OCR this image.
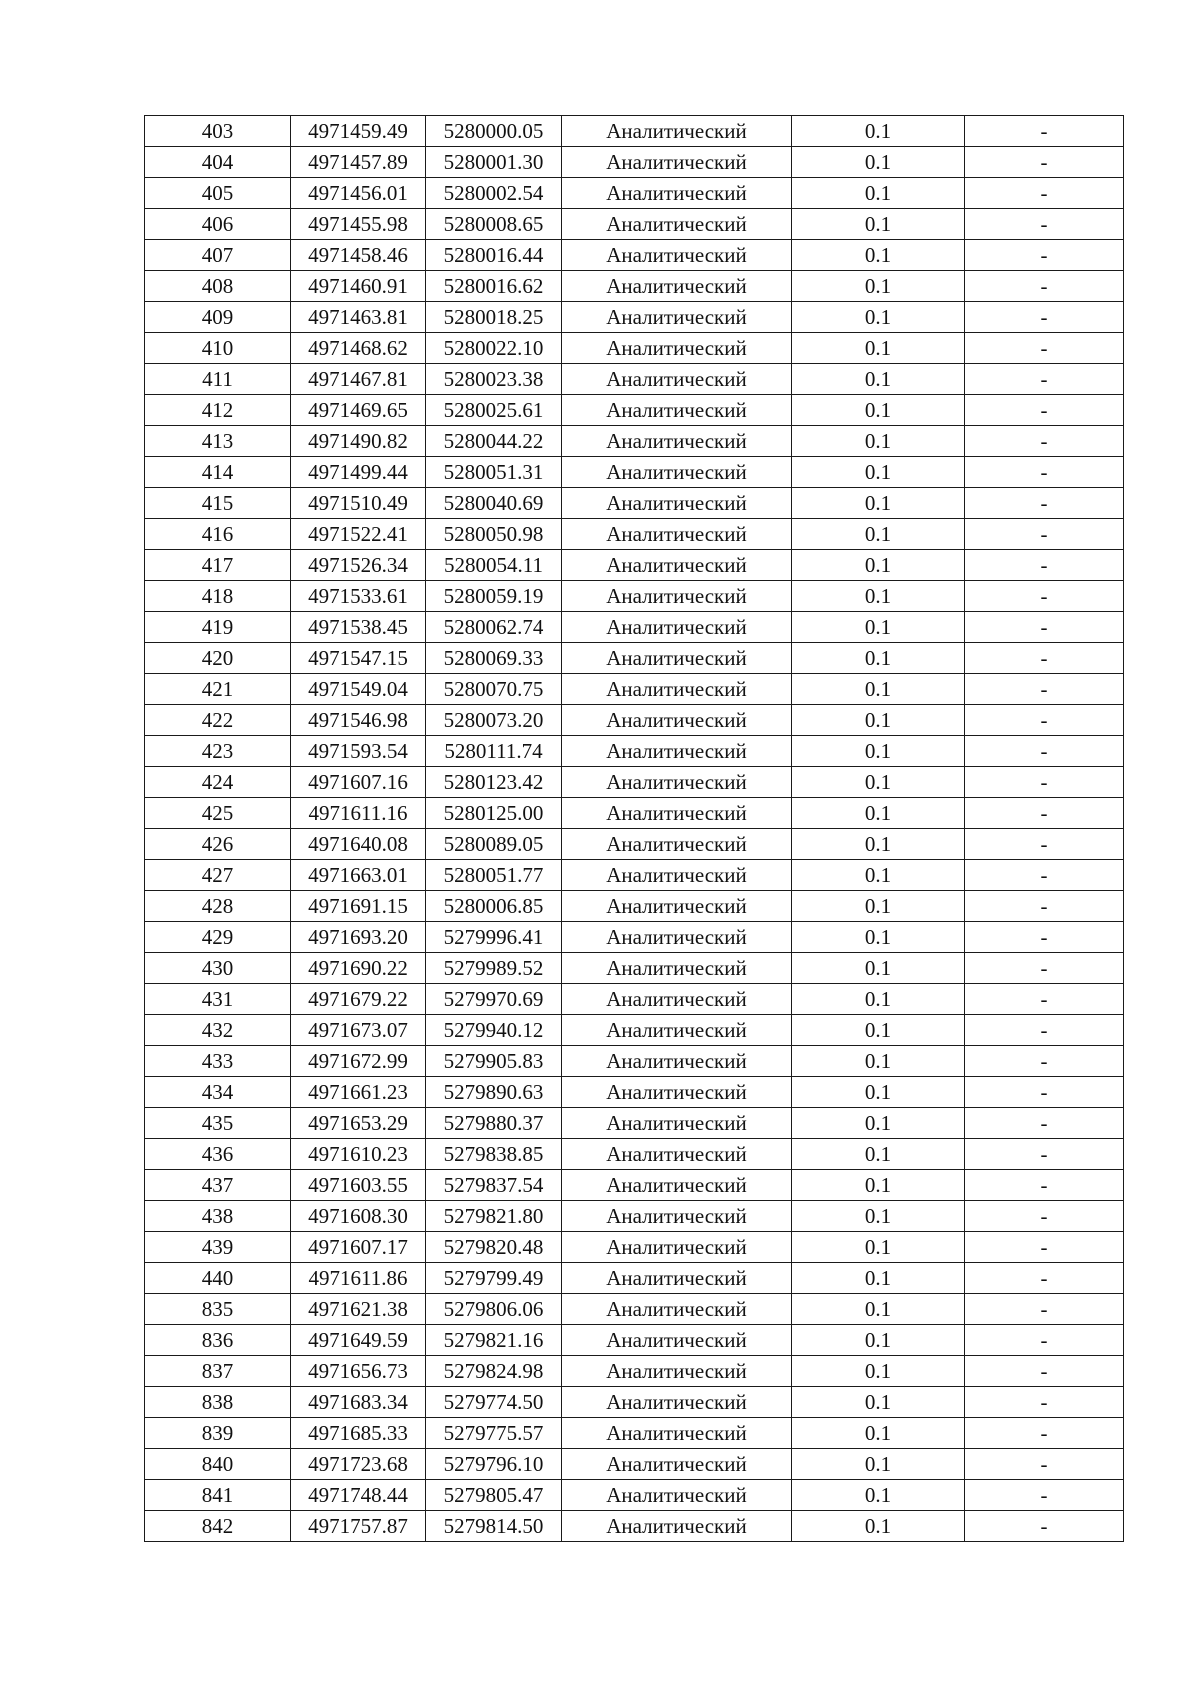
403	4971459.49	5280000.05	Аналитический	0.1	-
404	4971457.89	5280001.30	Аналитический	0.1	-
405	4971456.01	5280002.54	Аналитический	0.1	-
406	4971455.98	5280008.65	Аналитический	0.1	-
407	4971458.46	5280016.44	Аналитический	0.1	-
408	4971460.91	5280016.62	Аналитический	0.1	-
409	4971463.81	5280018.25	Аналитический	0.1	-
410	4971468.62	5280022.10	Аналитический	0.1	-
411	4971467.81	5280023.38	Аналитический	0.1	-
412	4971469.65	5280025.61	Аналитический	0.1	-
413	4971490.82	5280044.22	Аналитический	0.1	-
414	4971499.44	5280051.31	Аналитический	0.1	-
415	4971510.49	5280040.69	Аналитический	0.1	-
416	4971522.41	5280050.98	Аналитический	0.1	-
417	4971526.34	5280054.11	Аналитический	0.1	-
418	4971533.61	5280059.19	Аналитический	0.1	-
419	4971538.45	5280062.74	Аналитический	0.1	-
420	4971547.15	5280069.33	Аналитический	0.1	-
421	4971549.04	5280070.75	Аналитический	0.1	-
422	4971546.98	5280073.20	Аналитический	0.1	-
423	4971593.54	5280111.74	Аналитический	0.1	-
424	4971607.16	5280123.42	Аналитический	0.1	-
425	4971611.16	5280125.00	Аналитический	0.1	-
426	4971640.08	5280089.05	Аналитический	0.1	-
427	4971663.01	5280051.77	Аналитический	0.1	-
428	4971691.15	5280006.85	Аналитический	0.1	-
429	4971693.20	5279996.41	Аналитический	0.1	-
430	4971690.22	5279989.52	Аналитический	0.1	-
431	4971679.22	5279970.69	Аналитический	0.1	-
432	4971673.07	5279940.12	Аналитический	0.1	-
433	4971672.99	5279905.83	Аналитический	0.1	-
434	4971661.23	5279890.63	Аналитический	0.1	-
435	4971653.29	5279880.37	Аналитический	0.1	-
436	4971610.23	5279838.85	Аналитический	0.1	-
437	4971603.55	5279837.54	Аналитический	0.1	-
438	4971608.30	5279821.80	Аналитический	0.1	-
439	4971607.17	5279820.48	Аналитический	0.1	-
440	4971611.86	5279799.49	Аналитический	0.1	-
835	4971621.38	5279806.06	Аналитический	0.1	-
836	4971649.59	5279821.16	Аналитический	0.1	-
837	4971656.73	5279824.98	Аналитический	0.1	-
838	4971683.34	5279774.50	Аналитический	0.1	-
839	4971685.33	5279775.57	Аналитический	0.1	-
840	4971723.68	5279796.10	Аналитический	0.1	-
841	4971748.44	5279805.47	Аналитический	0.1	-
842	4971757.87	5279814.50	Аналитический	0.1	-
